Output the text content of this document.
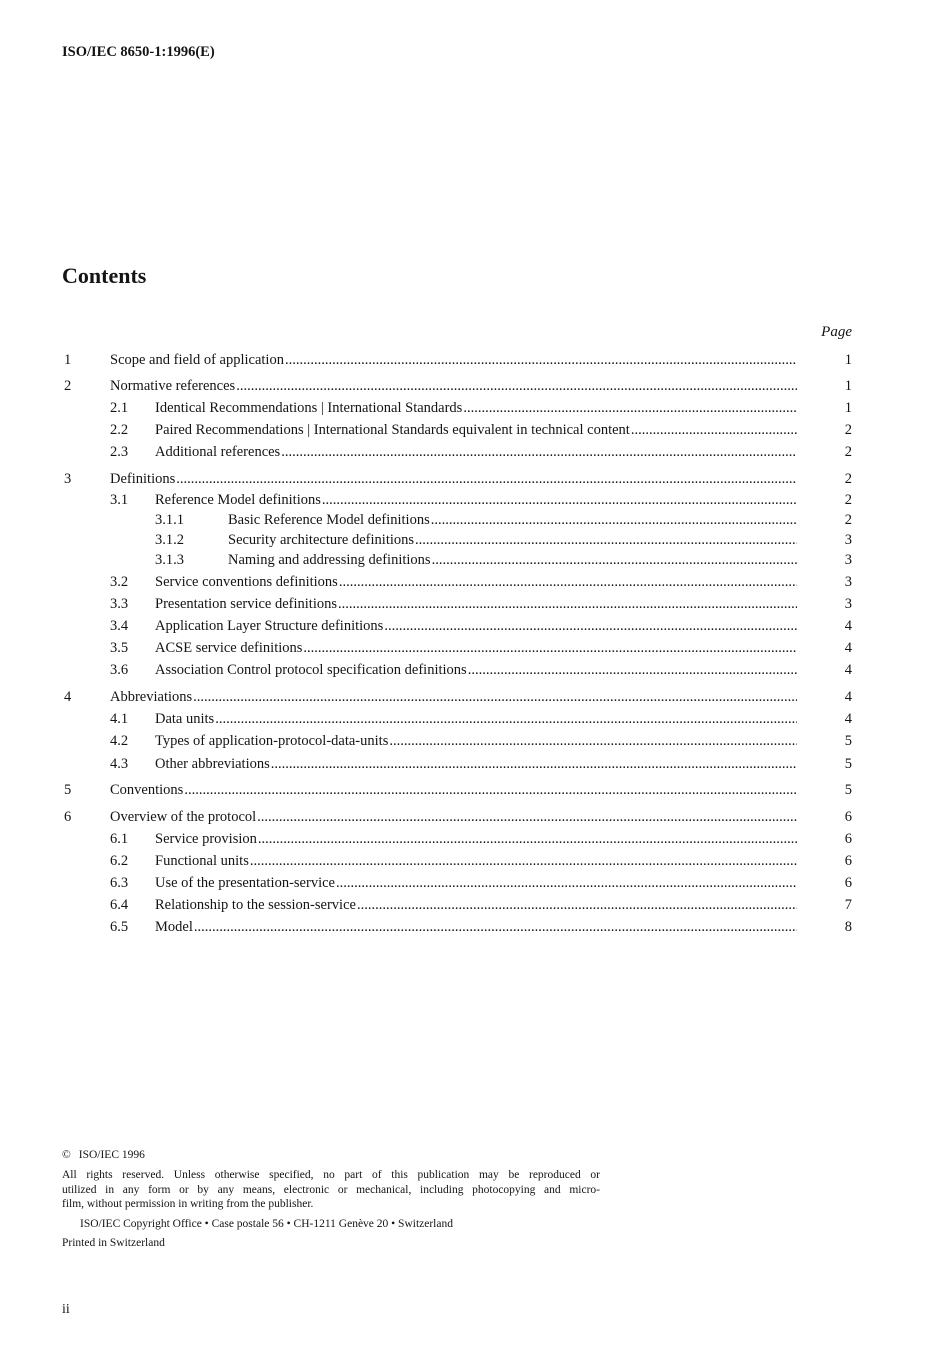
ISO/IEC 8650-1:1996(E)
Contents
Page
1	Scope and field of application .....	1
2	Normative references .....	1
2.1 Identical Recommendations | International Standards .....	1
2.2 Paired Recommendations | International Standards equivalent in technical content .....	2
2.3 Additional references .....	2
3	Definitions .....	2
3.1 Reference Model definitions .....	2
3.1.1	Basic Reference Model definitions .....	2
3.1.2	Security architecture definitions .....	3
3.1.3	Naming and addressing definitions .....	3
3.2 Service conventions definitions .....	3
3.3 Presentation service definitions .....	3
3.4 Application Layer Structure definitions .....	4
3.5 ACSE service definitions .....	4
3.6 Association Control protocol specification definitions .....	4
4	Abbreviations .....	4
4.1 Data units .....	4
4.2 Types of application-protocol-data-units .....	5
4.3 Other abbreviations .....	5
5	Conventions .....	5
6	Overview of the protocol .....	6
6.1 Service provision .....	6
6.2 Functional units .....	6
6.3 Use of the presentation-service .....	6
6.4 Relationship to the session-service .....	7
6.5 Model .....	8
© ISO/IEC 1996
All rights reserved. Unless otherwise specified, no part of this publication may be reproduced or
utilized in any form or by any means, electronic or mechanical, including photocopying and micro-
film, without permission in writing from the publisher.
ISO/IEC Copyright Office • Case postale 56 • CH-1211 Genève 20 • Switzerland
Printed in Switzerland
ii
